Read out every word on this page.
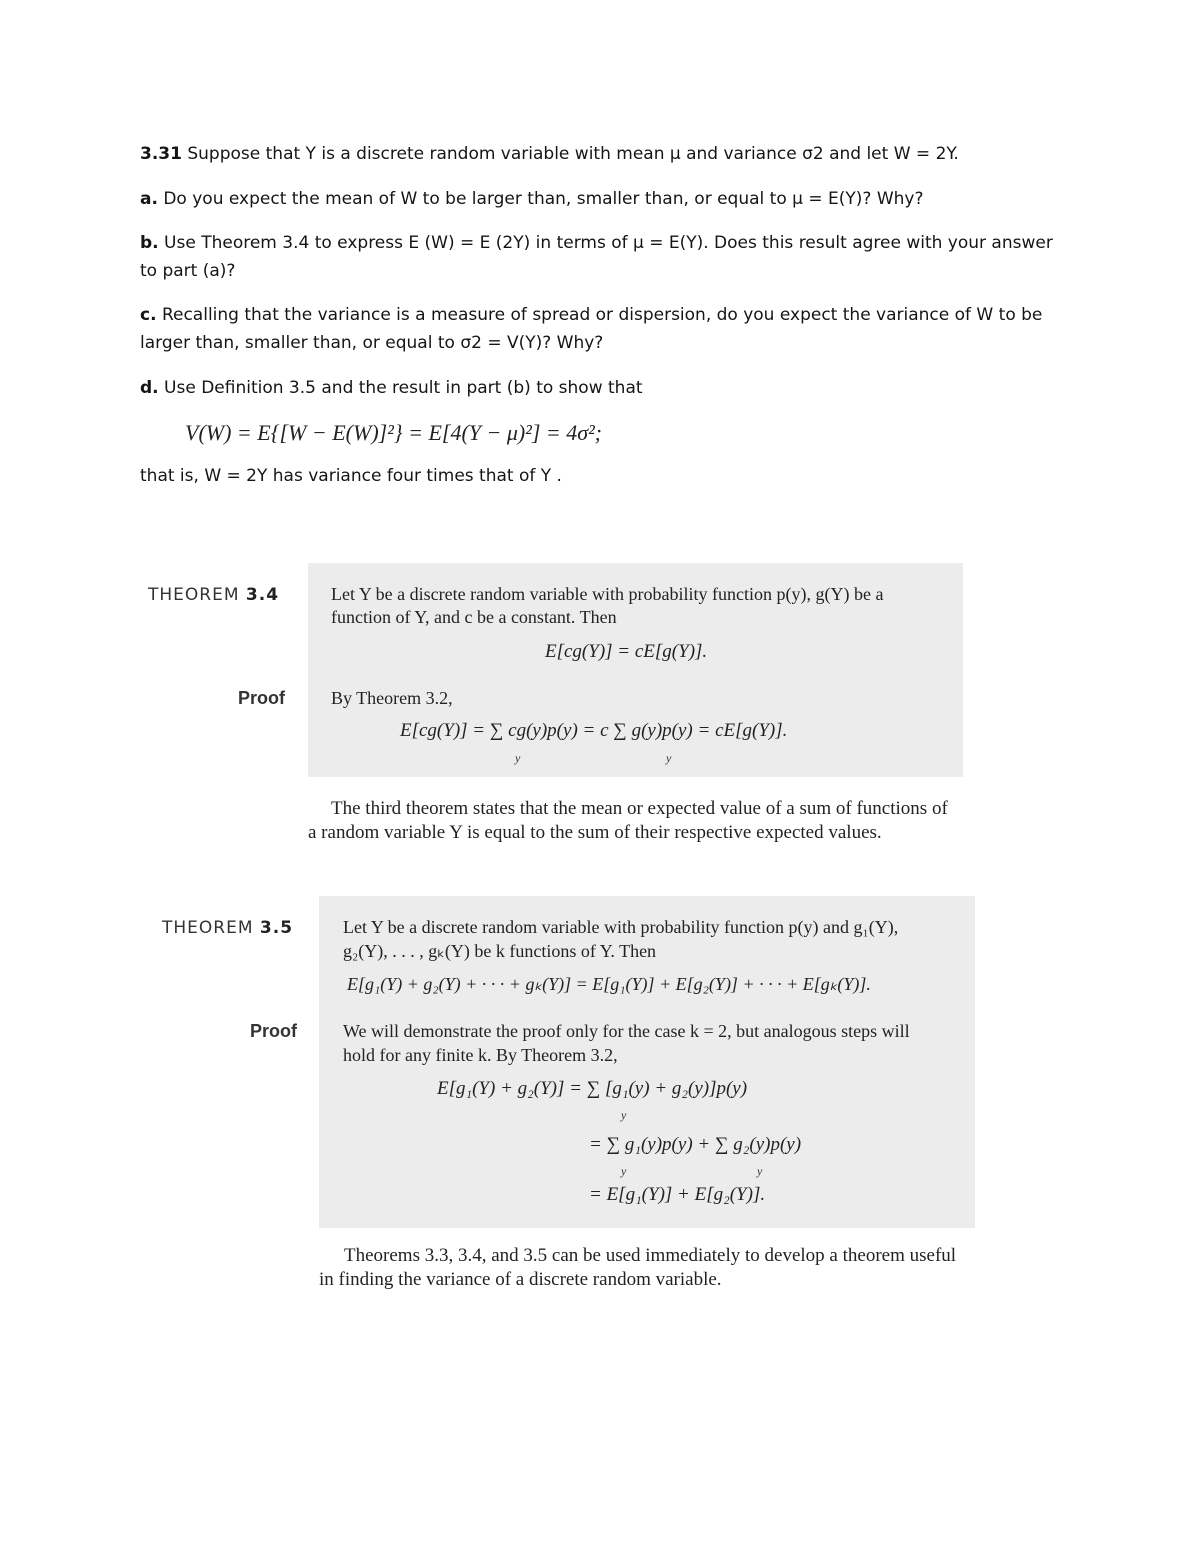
3.31 Suppose that Y is a discrete random variable with mean μ and variance σ2 and let W = 2Y.
a. Do you expect the mean of W to be larger than, smaller than, or equal to μ = E(Y)? Why?
b. Use Theorem 3.4 to express E (W) = E (2Y) in terms of μ = E(Y). Does this result agree with your answer to part (a)?
c. Recalling that the variance is a measure of spread or dispersion, do you expect the variance of W to be larger than, smaller than, or equal to σ2 = V(Y)? Why?
d. Use Definition 3.5 and the result in part (b) to show that
V(W) = E{[W − E(W)]²} = E[4(Y − μ)²] = 4σ²;
that is, W = 2Y has variance four times that of Y .
THEOREM 3.4	Let Y be a discrete random variable with probability function p(y), g(Y) be a
function of Y, and c be a constant. Then
E[cg(Y)] = cE[g(Y)].
By Theorem 3.2,
E[cg(Y)] = ∑ cg(y)p(y) = c ∑ g(y)p(y) = cE[g(Y)].
y	y
Proof
The third theorem states that the mean or expected value of a sum of functions of
a random variable Y is equal to the sum of their respective expected values.
THEOREM 3.5	Let Y be a discrete random variable with probability function p(y) and g₁(Y),
g₂(Y), . . . , gₖ(Y) be k functions of Y. Then
E[g₁(Y) + g₂(Y) + · · · + gₖ(Y)] = E[g₁(Y)] + E[g₂(Y)] + · · · + E[gₖ(Y)].
We will demonstrate the proof only for the case k = 2, but analogous steps will
hold for any finite k. By Theorem 3.2,
E[g₁(Y) + g₂(Y)] = ∑ [g₁(y) + g₂(y)]p(y)
y
= ∑ g₁(y)p(y) + ∑ g₂(y)p(y)
y	y
= E[g₁(Y)] + E[g₂(Y)].
Proof
Theorems 3.3, 3.4, and 3.5 can be used immediately to develop a theorem useful
in finding the variance of a discrete random variable.
